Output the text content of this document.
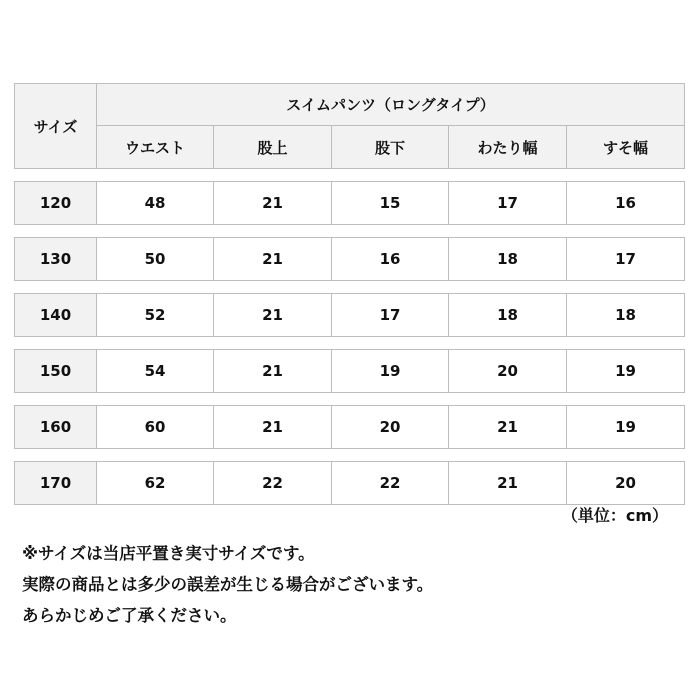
サイズ	スイムパンツ（ロングタイプ）				
	ウエスト	股上	股下	わたり幅	すそ幅

120	48	21	15	17	16

130	50	21	16	18	17

140	52	21	17	18	18

150	54	21	19	20	19

160	60	21	20	21	19

170	62	22	22	21	20
（単位：cm）
※サイズは当店平置き実寸サイズです。
実際の商品とは多少の誤差が生じる場合がございます。
あらかじめご了承ください。
